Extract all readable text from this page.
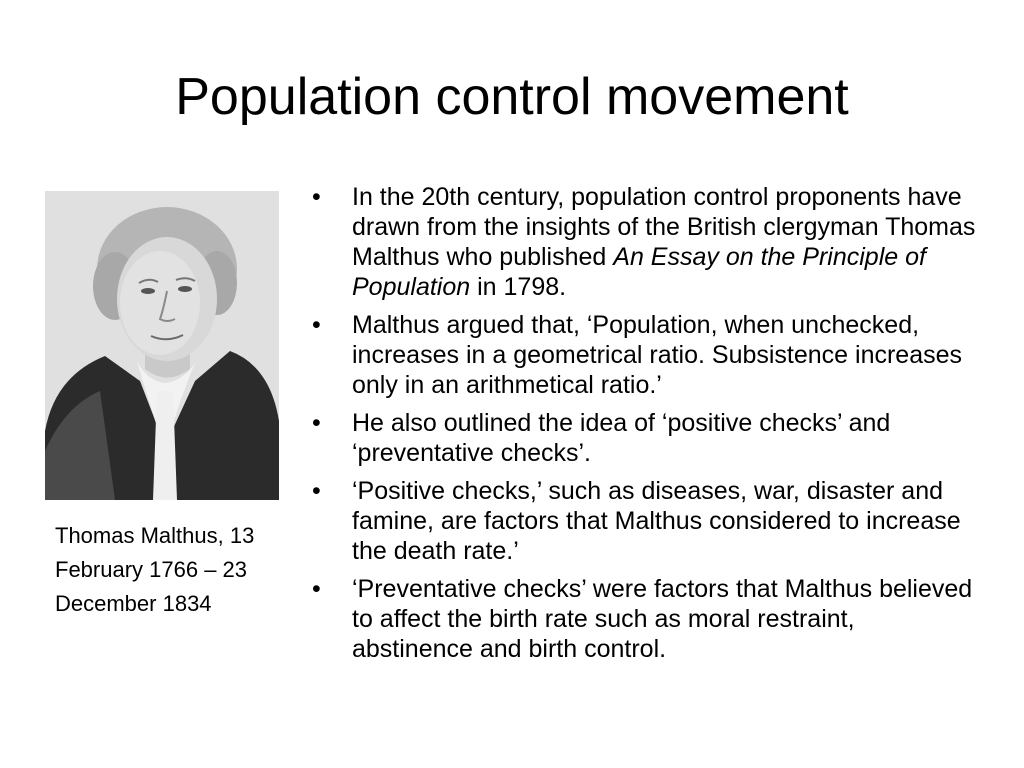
Population control movement

Thomas Malthus, 13 February 1766 – 23 December 1834

• In the 20th century, population control proponents have drawn from the insights of the British clergyman Thomas Malthus who published An Essay on the Principle of Population in 1798.
• Malthus argued that, ‘Population, when unchecked, increases in a geometrical ratio. Subsistence increases only in an arithmetical ratio.’
• He also outlined the idea of ‘positive checks’ and ‘preventative checks’.
• ‘Positive checks,’ such as diseases, war, disaster and famine, are factors that Malthus considered to increase the death rate.’
• ‘Preventative checks’ were factors that Malthus believed to affect the birth rate such as moral restraint, abstinence and birth control.
